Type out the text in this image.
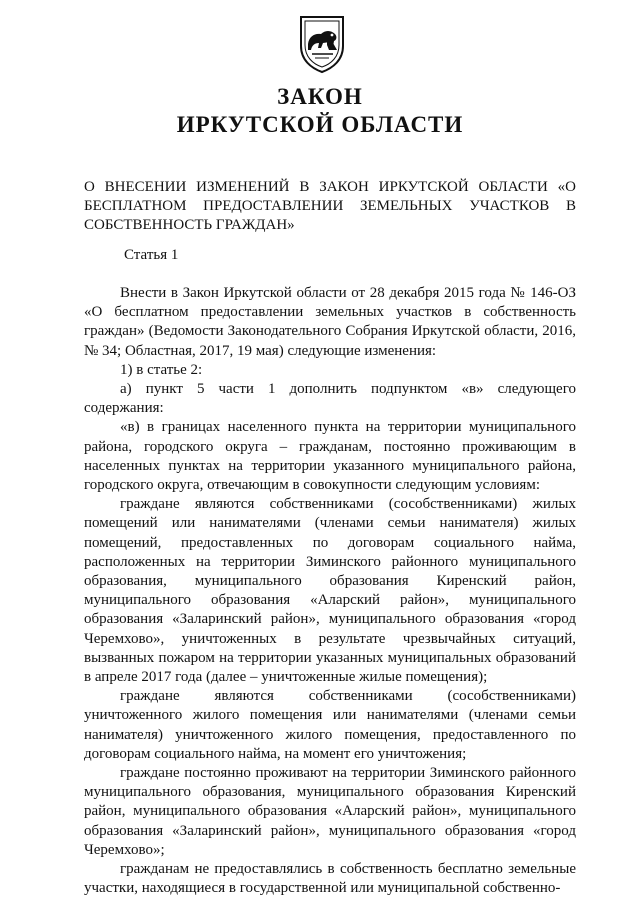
ЗАКОН
ИРКУТСКОЙ ОБЛАСТИ
О ВНЕСЕНИИ ИЗМЕНЕНИЙ В ЗАКОН ИРКУТСКОЙ ОБЛАСТИ «О БЕСПЛАТНОМ ПРЕДОСТАВЛЕНИИ ЗЕМЕЛЬНЫХ УЧАСТКОВ В СОБСТВЕННОСТЬ ГРАЖДАН»
Статья 1

Внести в Закон Иркутской области от 28 декабря 2015 года № 146-ОЗ «О бесплатном предоставлении земельных участков в собственность граждан» (Ведомости Законодательного Собрания Иркутской области, 2016, № 34; Областная, 2017, 19 мая) следующие изменения:

1) в статье 2:

а) пункт 5 части 1 дополнить подпунктом «в» следующего содержания:

«в) в границах населенного пункта на территории муниципального района, городского округа – гражданам, постоянно проживающим в населенных пунктах на территории указанного муниципального района, городского округа, отвечающим в совокупности следующим условиям:

граждане являются собственниками (сособственниками) жилых помещений или нанимателями (членами семьи нанимателя) жилых помещений, предоставленных по договорам социального найма, расположенных на территории Зиминского районного муниципального образования, муниципального образования Киренский район, муниципального образования «Аларский район», муниципального образования «Заларинский район», муниципального образования «город Черемхово», уничтоженных в результате чрезвычайных ситуаций, вызванных пожаром на территории указанных муниципальных образований в апреле 2017 года (далее – уничтоженные жилые помещения);

граждане являются собственниками (сособственниками) уничтоженного жилого помещения или нанимателями (членами семьи нанимателя) уничтоженного жилого помещения, предоставленного по договорам социального найма, на момент его уничтожения;

граждане постоянно проживают на территории Зиминского районного муниципального образования, муниципального образования Киренский район, муниципального образования «Аларский район», муниципального образования «Заларинский район», муниципального образования «город Черемхово»;

гражданам не предоставлялись в собственность бесплатно земельные участки, находящиеся в государственной или муниципальной собственно-
